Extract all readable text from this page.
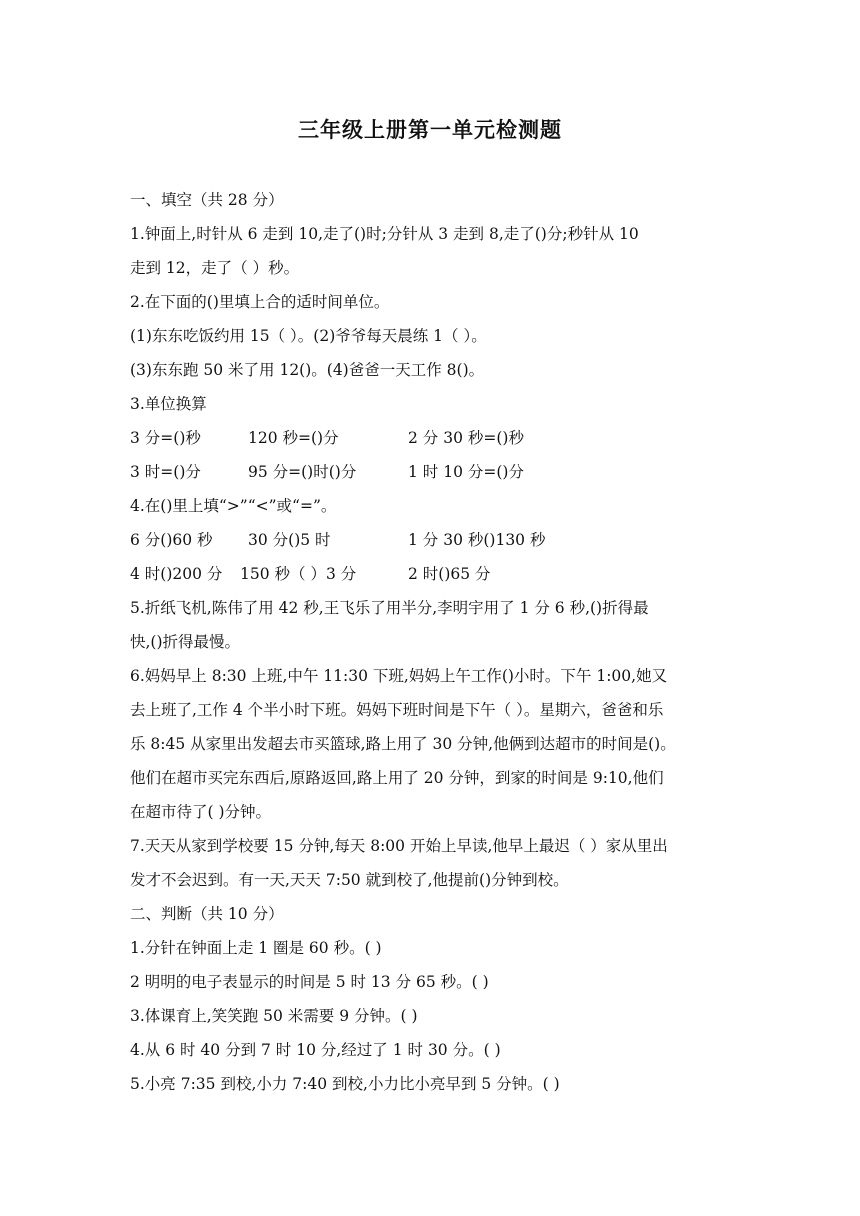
三年级上册第一单元检测题
一、填空（共 28 分）
1.钟面上,时针从 6 走到 10,走了()时;分针从 3 走到 8,走了()分;秒针从 10
走到 12，走了（ ）秒。
2.在下面的()里填上合的适时间单位。
(1)东东吃饭约用 15（ ）。(2)爷爷每天晨练 1（ ）。
(3)东东跑 50 米了用 12()。(4)爸爸一天工作 8()。
3.单位换算
3 分=()秒	120 秒=()分	2 分 30 秒=()秒
3 时=()分	95 分=()时()分	1 时 10 分=()分
4.在()里上填“>”“<”或“=”。
6 分()60 秒 30 分()5 时	1 分 30 秒()130 秒
4 时()200 分 150 秒（ ）3 分	2 时()65 分
5.折纸飞机,陈伟了用 42 秒,王飞乐了用半分,李明宇用了 1 分 6 秒,()折得最
快,()折得最慢。
6.妈妈早上 8:30 上班,中午 11:30 下班,妈妈上午工作()小时。下午 1:00,她又
去上班了,工作 4 个半小时下班。妈妈下班时间是下午（ ）。星期六，爸爸和乐
乐 8:45 从家里出发超去市买篮球,路上用了 30 分钟,他俩到达超市的时间是()。
他们在超市买完东西后,原路返回,路上用了 20 分钟，到家的时间是 9:10,他们
在超市待了( )分钟。
7.天天从家到学校要 15 分钟,每天 8:00 开始上早读,他早上最迟（ ）家从里出
发才不会迟到。有一天,天天 7:50 就到校了,他提前()分钟到校。
二、判断（共 10 分）
1.分针在钟面上走 1 圈是 60 秒。( )
2 明明的电子表显示的时间是 5 时 13 分 65 秒。( )
3.体课育上,笑笑跑 50 米需要 9 分钟。( )
4.从 6 时 40 分到 7 时 10 分,经过了 1 时 30 分。( )
5.小亮 7:35 到校,小力 7:40 到校,小力比小亮早到 5 分钟。( )
